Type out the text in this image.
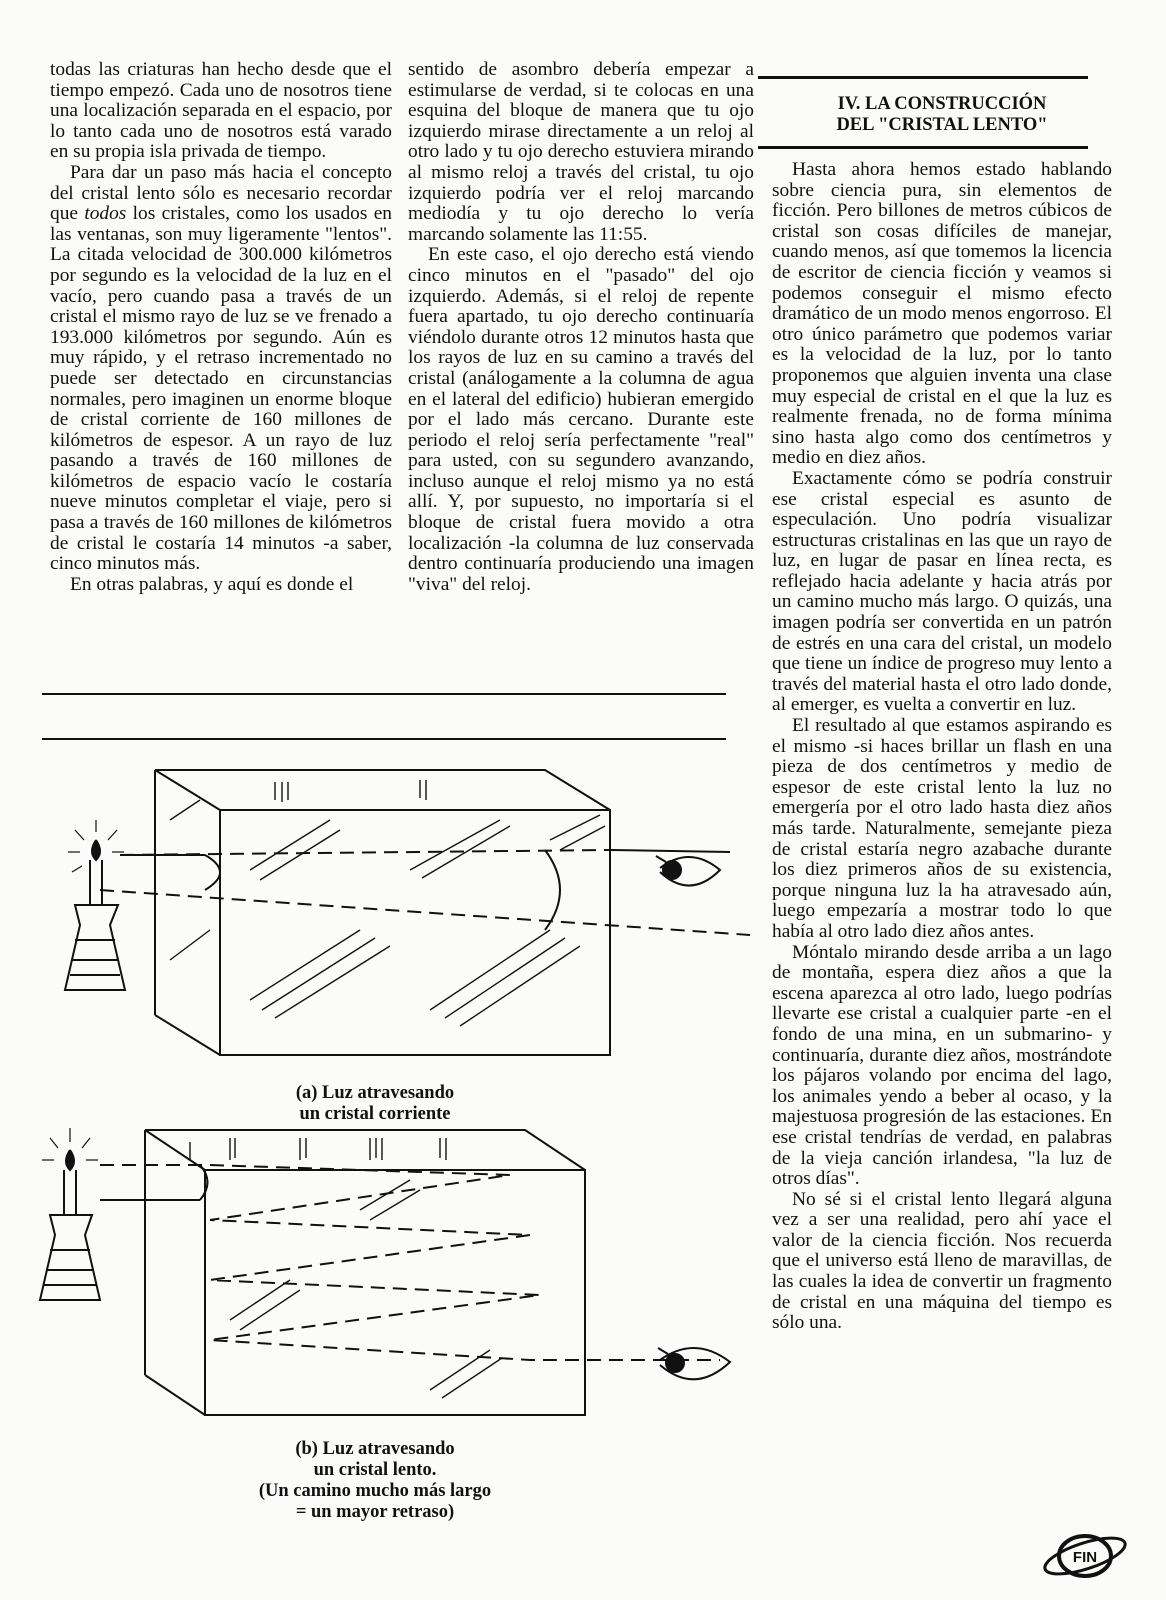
todas las criaturas han hecho desde que el tiempo empezó. Cada uno de nosotros tiene una localización separada en el espacio, por lo tanto cada uno de nosotros está varado en su propia isla privada de tiempo.

Para dar un paso más hacia el concepto del cristal lento sólo es necesario recordar que todos los cristales, como los usados en las ventanas, son muy ligeramente "lentos". La citada velocidad de 300.000 kilómetros por segundo es la velocidad de la luz en el vacío, pero cuando pasa a través de un cristal el mismo rayo de luz se ve frenado a 193.000 kilómetros por segundo. Aún es muy rápido, y el retraso incrementado no puede ser detectado en circunstancias normales, pero imaginen un enorme bloque de cristal corriente de 160 millones de kilómetros de espesor. A un rayo de luz pasando a través de 160 millones de kilómetros de espacio vacío le costaría nueve minutos completar el viaje, pero si pasa a través de 160 millones de kilómetros de cristal le costaría 14 minutos -a saber, cinco minutos más.

En otras palabras, y aquí es donde el

sentido de asombro debería empezar a estimularse de verdad, si te colocas en una esquina del bloque de manera que tu ojo izquierdo mirase directamente a un reloj al otro lado y tu ojo derecho estuviera mirando al mismo reloj a través del cristal, tu ojo izquierdo podría ver el reloj marcando mediodía y tu ojo derecho lo vería marcando solamente las 11:55.

En este caso, el ojo derecho está viendo cinco minutos en el "pasado" del ojo izquierdo. Además, si el reloj de repente fuera apartado, tu ojo derecho continuaría viéndolo durante otros 12 minutos hasta que los rayos de luz en su camino a través del cristal (análogamente a la columna de agua en el lateral del edificio) hubieran emergido por el lado más cercano. Durante este periodo el reloj sería perfectamente "real" para usted, con su segundero avanzando, incluso aunque el reloj mismo ya no está allí. Y, por supuesto, no importaría si el bloque de cristal fuera movido a otra localización -la columna de luz conservada dentro continuaría produciendo una imagen "viva" del reloj.

IV. LA CONSTRUCCIÓN
DEL "CRISTAL LENTO"

Hasta ahora hemos estado hablando sobre ciencia pura, sin elementos de ficción. Pero billones de metros cúbicos de cristal son cosas difíciles de manejar, cuando menos, así que tomemos la licencia de escritor de ciencia ficción y veamos si podemos conseguir el mismo efecto dramático de un modo menos engorroso. El otro único parámetro que podemos variar es la velocidad de la luz, por lo tanto proponemos que alguien inventa una clase muy especial de cristal en el que la luz es realmente frenada, no de forma mínima sino hasta algo como dos centímetros y medio en diez años.

Exactamente cómo se podría construir ese cristal especial es asunto de especulación. Uno podría visualizar estructuras cristalinas en las que un rayo de luz, en lugar de pasar en línea recta, es reflejado hacia adelante y hacia atrás por un camino mucho más largo. O quizás, una imagen podría ser convertida en un patrón de estrés en una cara del cristal, un modelo que tiene un índice de progreso muy lento a través del material hasta el otro lado donde, al emerger, es vuelta a convertir en luz.

El resultado al que estamos aspirando es el mismo -si haces brillar un flash en una pieza de dos centímetros y medio de espesor de este cristal lento la luz no emergería por el otro lado hasta diez años más tarde. Naturalmente, semejante pieza de cristal estaría negro azabache durante los diez primeros años de su existencia, porque ninguna luz la ha atravesado aún, luego empezaría a mostrar todo lo que había al otro lado diez años antes.

Móntalo mirando desde arriba a un lago de montaña, espera diez años a que la escena aparezca al otro lado, luego podrías llevarte ese cristal a cualquier parte -en el fondo de una mina, en un submarino- y continuaría, durante diez años, mostrándote los pájaros volando por encima del lago, los animales yendo a beber al ocaso, y la majestuosa progresión de las estaciones. En ese cristal tendrías de verdad, en palabras de la vieja canción irlandesa, "la luz de otros días".

No sé si el cristal lento llegará alguna vez a ser una realidad, pero ahí yace el valor de la ciencia ficción. Nos recuerda que el universo está lleno de maravillas, de las cuales la idea de convertir un fragmento de cristal en una máquina del tiempo es sólo una.

(a) Luz atravesando
un cristal corriente
(b) Luz atravesando
un cristal lento.
(Un camino mucho más largo
= un mayor retraso)
FIN
